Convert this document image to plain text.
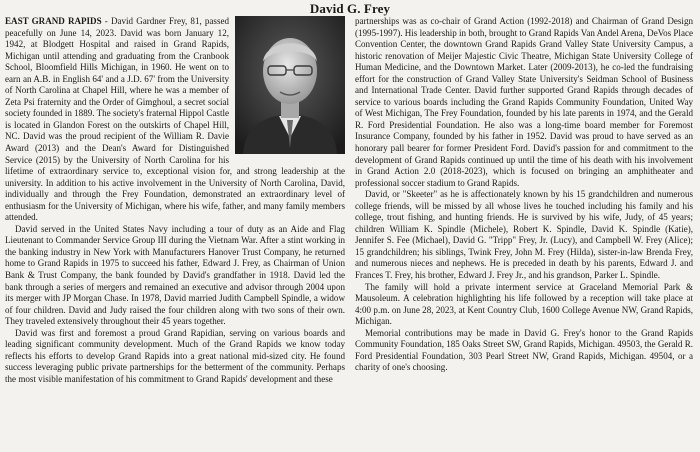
David G. Frey

EAST GRAND RAPIDS - David Gardner Frey, 81, passed peacefully on June 14, 2023. David was born January 12, 1942, at Blodgett Hospital and raised in Grand Rapids, Michigan until attending and graduating from the Cranbook School, Bloomfield Hills Michigan, in 1960. He went on to earn an A.B. in English 64' and a J.D. 67' from the University of North Carolina at Chapel Hill, where he was a member of Zeta Psi fraternity and the Order of Gimghoul, a secret social society founded in 1889. The society's fraternal Hippol Castle is located in Glandon Forest on the outskirts of Chapel Hill, NC. David was the proud recipient of the William R. Davie Award (2013) and the Dean's Award for Distinguished Service (2015) by the University of North Carolina for his lifetime of extraordinary service to, exceptional vision for, and strong leadership at the university. In addition to his active involvement in the University of North Carolina, David, individually and through the Frey Foundation, demonstrated an extraordinary level of enthusiasm for the University of Michigan, where his wife, father, and many family members attended.

David served in the United States Navy including a tour of duty as an Aide and Flag Lieutenant to Commander Service Group III during the Vietnam War. After a stint working in the banking industry in New York with Manufacturers Hanover Trust Company, he returned home to Grand Rapids in 1975 to succeed his father, Edward J. Frey, as Chairman of Union Bank & Trust Company, the bank founded by David's grandfather in 1918. David led the bank through a series of mergers and remained an executive and advisor through 2004 upon its merger with JP Morgan Chase. In 1978, David married Judith Campbell Spindle, a widow of four children. David and Judy raised the four children along with two sons of their own. They traveled extensively throughout their 45 years together.

David was first and foremost a proud Grand Rapidian, serving on various boards and leading significant community development. Much of the Grand Rapids we know today reflects his efforts to develop Grand Rapids into a great national mid-sized city. He found success leveraging public private partnerships for the betterment of the community. Perhaps the most visible manifestation of his commitment to Grand Rapids' development and these

partnerships was as co-chair of Grand Action (1992-2018) and Chairman of Grand Design (1995-1997). His leadership in both, brought to Grand Rapids Van Andel Arena, DeVos Place Convention Center, the downtown Grand Rapids Grand Valley State University Campus, a historic renovation of Meijer Majestic Civic Theatre, Michigan State University College of Human Medicine, and the Downtown Market. Later (2009-2013), he co-led the fundraising effort for the construction of Grand Valley State University's Seidman School of Business and International Trade Center. David further supported Grand Rapids through decades of service to various boards including the Grand Rapids Community Foundation, United Way of West Michigan, The Frey Foundation, founded by his late parents in 1974, and the Gerald R. Ford Presidential Foundation. He also was a long-time board member for Foremost Insurance Company, founded by his father in 1952. David was proud to have served as an honorary pall bearer for former President Ford. David's passion for and commitment to the development of Grand Rapids continued up until the time of his death with his involvement in Grand Action 2.0 (2018-2023), which is focused on bringing an amphitheater and professional soccer stadium to Grand Rapids.

David, or "Skeeter" as he is affectionately known by his 15 grandchildren and numerous college friends, will be missed by all whose lives he touched including his family and his college, trout fishing, and hunting friends. He is survived by his wife, Judy, of 45 years; children William K. Spindle (Michele), Robert K. Spindle, David K. Spindle (Katie), Jennifer S. Fee (Michael), David G. "Tripp" Frey, Jr. (Lucy), and Campbell W. Frey (Alice); 15 grandchildren; his siblings, Twink Frey, John M. Frey (Hilda), sister-in-law Brenda Frey, and numerous nieces and nephews. He is preceded in death by his parents, Edward J. and Frances T. Frey, his brother, Edward J. Frey Jr., and his grandson, Parker L. Spindle.

The family will hold a private interment service at Graceland Memorial Park & Mausoleum. A celebration highlighting his life followed by a reception will take place at 4:00 p.m. on June 28, 2023, at Kent Country Club, 1600 College Avenue NW, Grand Rapids, Michigan.

Memorial contributions may be made in David G. Frey's honor to the Grand Rapids Community Foundation, 185 Oaks Street SW, Grand Rapids, Michigan. 49503, the Gerald R. Ford Presidential Foundation, 303 Pearl Street NW, Grand Rapids, Michigan. 49504, or a charity of one's choosing.
